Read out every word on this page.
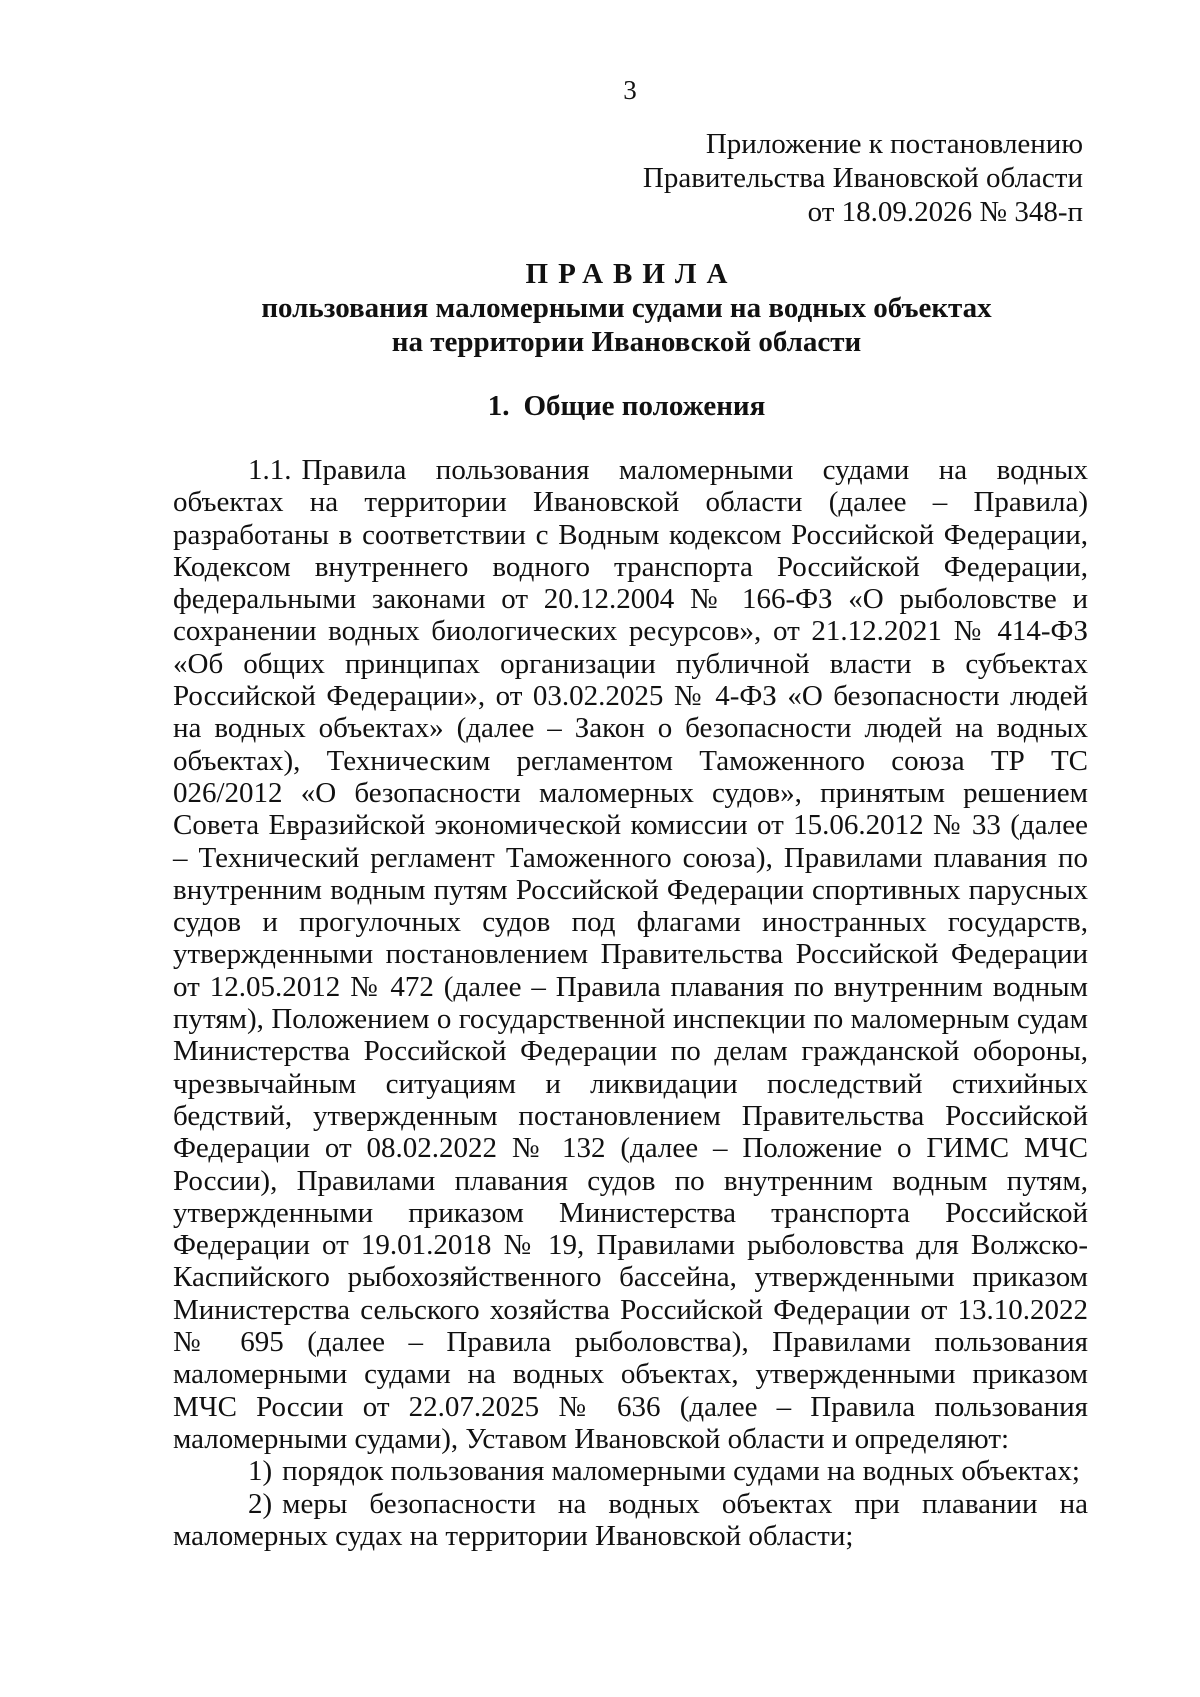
3
Приложение к постановлению
Правительства Ивановской области
от 18.09.2026 № 348-п
ПРАВИЛА
пользования маломерными судами на водных объектах
на территории Ивановской области
1. Общие положения

1.1. Правила пользования маломерными судами на водных объектах на территории Ивановской области (далее – Правила) разработаны в соответствии с Водным кодексом Российской Федерации, Кодексом внутреннего водного транспорта Российской Федерации, федеральными законами от 20.12.2004 № 166-ФЗ «О рыболовстве и сохранении водных биологических ресурсов», от 21.12.2021 № 414-ФЗ «Об общих принципах организации публичной власти в субъектах Российской Федерации», от 03.02.2025 № 4-ФЗ «О безопасности людей на водных объектах» (далее – Закон о безопасности людей на водных объектах), Техническим регламентом Таможенного союза ТР ТС 026/2012 «О безопасности маломерных судов», принятым решением Совета Евразийской экономической комиссии от 15.06.2012 № 33 (далее – Технический регламент Таможенного союза), Правилами плавания по внутренним водным путям Российской Федерации спортивных парусных судов и прогулочных судов под флагами иностранных государств, утвержденными постановлением Правительства Российской Федерации от 12.05.2012 № 472 (далее – Правила плавания по внутренним водным путям), Положением о государственной инспекции по маломерным судам Министерства Российской Федерации по делам гражданской обороны, чрезвычайным ситуациям и ликвидации последствий стихийных бедствий, утвержденным постановлением Правительства Российской Федерации от 08.02.2022 № 132 (далее – Положение о ГИМС МЧС России), Правилами плавания судов по внутренним водным путям, утвержденными приказом Министерства транспорта Российской Федерации от 19.01.2018 № 19, Правилами рыболовства для Волжско-Каспийского рыбохозяйственного бассейна, утвержденными приказом Министерства сельского хозяйства Российской Федерации от 13.10.2022 № 695 (далее – Правила рыболовства), Правилами пользования маломерными судами на водных объектах, утвержденными приказом МЧС России от 22.07.2025 № 636 (далее – Правила пользования маломерными судами), Уставом Ивановской области и определяют:

1) порядок пользования маломерными судами на водных объектах;

2) меры безопасности на водных объектах при плавании на маломерных судах на территории Ивановской области;
